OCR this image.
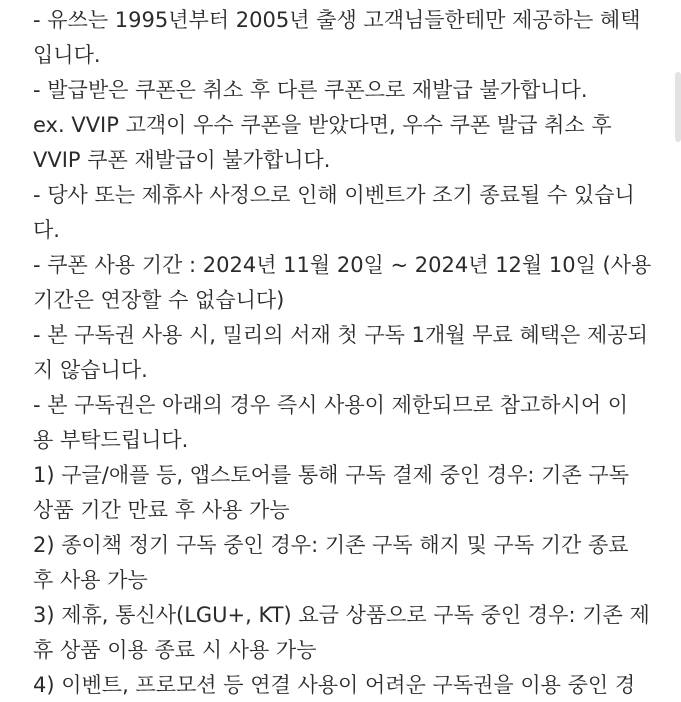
- 유쓰는 1995년부터 2005년 출생 고객님들한테만 제공하는 혜택
입니다.
- 발급받은 쿠폰은 취소 후 다른 쿠폰으로 재발급 불가합니다.
ex. VVIP 고객이 우수 쿠폰을 받았다면, 우수 쿠폰 발급 취소 후
VVIP 쿠폰 재발급이 불가합니다.
- 당사 또는 제휴사 사정으로 인해 이벤트가 조기 종료될 수 있습니
다.
- 쿠폰 사용 기간 : 2024년 11월 20일 ~ 2024년 12월 10일 (사용
기간은 연장할 수 없습니다)
- 본 구독권 사용 시, 밀리의 서재 첫 구독 1개월 무료 혜택은 제공되
지 않습니다.
- 본 구독권은 아래의 경우 즉시 사용이 제한되므로 참고하시어 이
용 부탁드립니다.
1) 구글/애플 등, 앱스토어를 통해 구독 결제 중인 경우: 기존 구독
상품 기간 만료 후 사용 가능
2) 종이책 정기 구독 중인 경우: 기존 구독 해지 및 구독 기간 종료
후 사용 가능
3) 제휴, 통신사(LGU+, KT) 요금 상품으로 구독 중인 경우: 기존 제
휴 상품 이용 종료 시 사용 가능
4) 이벤트, 프로모션 등 연결 사용이 어려운 구독권을 이용 중인 경
